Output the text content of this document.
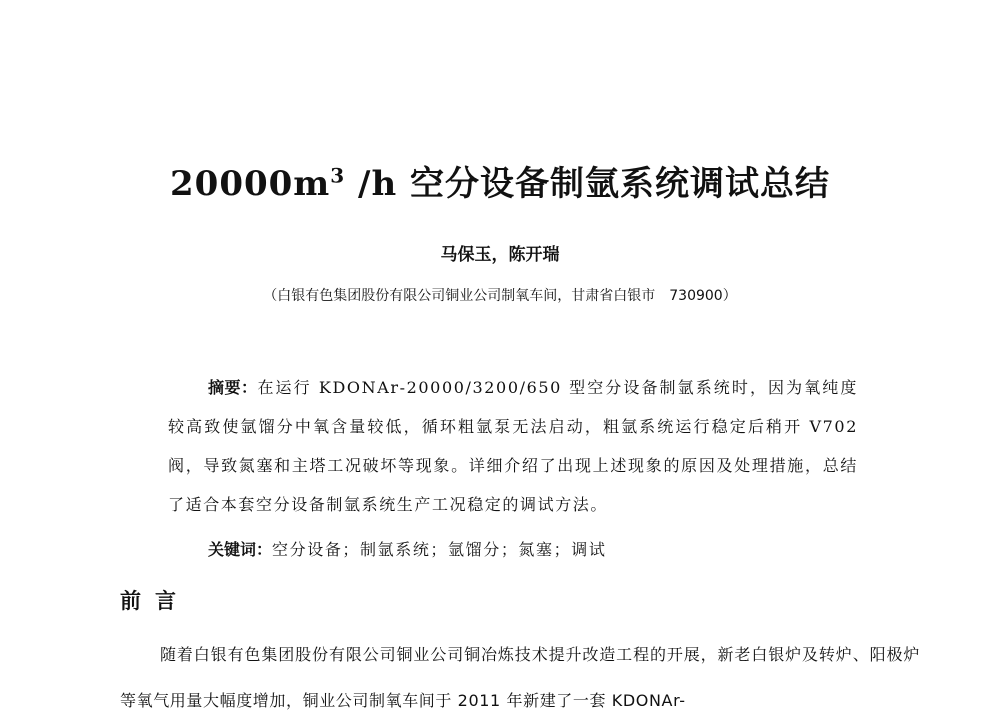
$20000m^3$ /h 空分设备制氩系统调试总结
马保玉，陈开瑞
（白银有色集团股份有限公司铜业公司制氧车间，甘肃省白银市　730900）
摘要：在运行 KDONAr-20000/3200/650 型空分设备制氩系统时，因为氧纯度较高致使氩馏分中氧含量较低，循环粗氩泵无法启动，粗氩系统运行稳定后稍开 V702 阀，导致氮塞和主塔工况破坏等现象。详细介绍了出现上述现象的原因及处理措施，总结了适合本套空分设备制氩系统生产工况稳定的调试方法。
关键词：空分设备；制氩系统；氩馏分；氮塞；调试
前言
随着白银有色集团股份有限公司铜业公司铜冶炼技术提升改造工程的开展，新老白银炉及转炉、阳极炉等氧气用量大幅度增加，铜业公司制氧车间于 2011 年新建了一套 KDONAr-
